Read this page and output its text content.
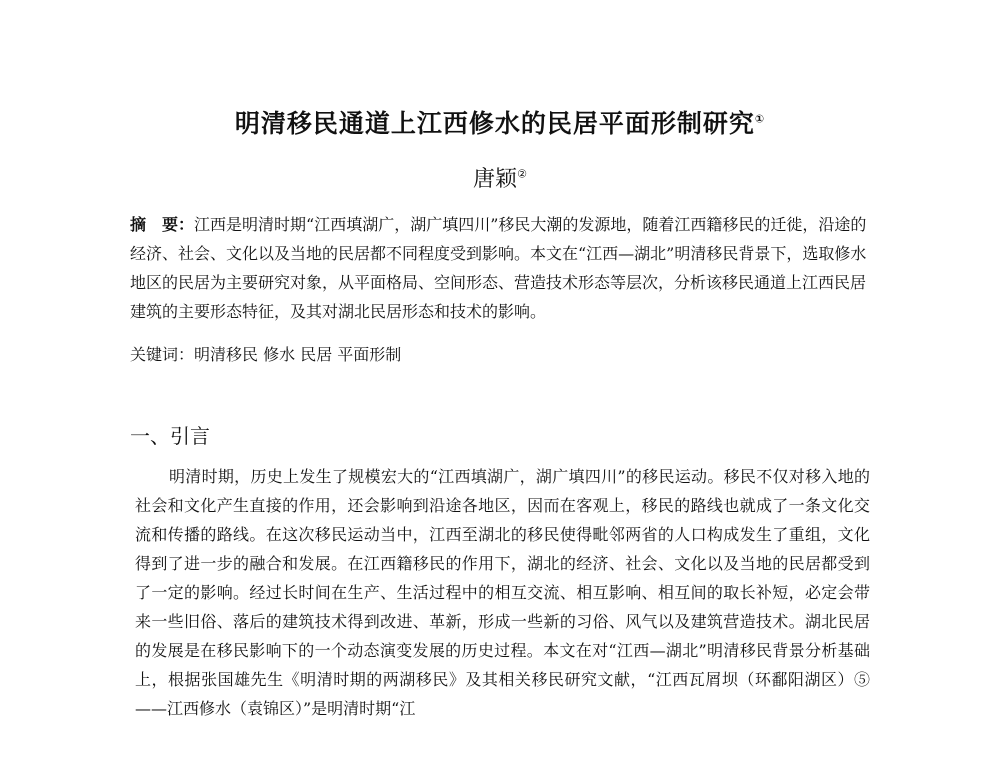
明清移民通道上江西修水的民居平面形制研究①
唐颖②
摘　要：江西是明清时期“江西填湖广，湖广填四川”移民大潮的发源地，随着江西籍移民的迁徙，沿途的经济、社会、文化以及当地的民居都不同程度受到影响。本文在“江西—湖北”明清移民背景下，选取修水地区的民居为主要研究对象，从平面格局、空间形态、营造技术形态等层次，分析该移民通道上江西民居建筑的主要形态特征，及其对湖北民居形态和技术的影响。
关键词：明清移民 修水 民居 平面形制
一、引言
明清时期，历史上发生了规模宏大的“江西填湖广，湖广填四川”的移民运动。移民不仅对移入地的社会和文化产生直接的作用，还会影响到沿途各地区，因而在客观上，移民的路线也就成了一条文化交流和传播的路线。在这次移民运动当中，江西至湖北的移民使得毗邻两省的人口构成发生了重组，文化得到了进一步的融合和发展。在江西籍移民的作用下，湖北的经济、社会、文化以及当地的民居都受到了一定的影响。经过长时间在生产、生活过程中的相互交流、相互影响、相互间的取长补短，必定会带来一些旧俗、落后的建筑技术得到改进、革新，形成一些新的习俗、风气以及建筑营造技术。湖北民居的发展是在移民影响下的一个动态演变发展的历史过程。本文在对“江西—湖北”明清移民背景分析基础上，根据张国雄先生《明清时期的两湖移民》及其相关移民研究文献，“江西瓦屑坝（环鄱阳湖区）⑤——江西修水（袁锦区）”是明清时期“江
